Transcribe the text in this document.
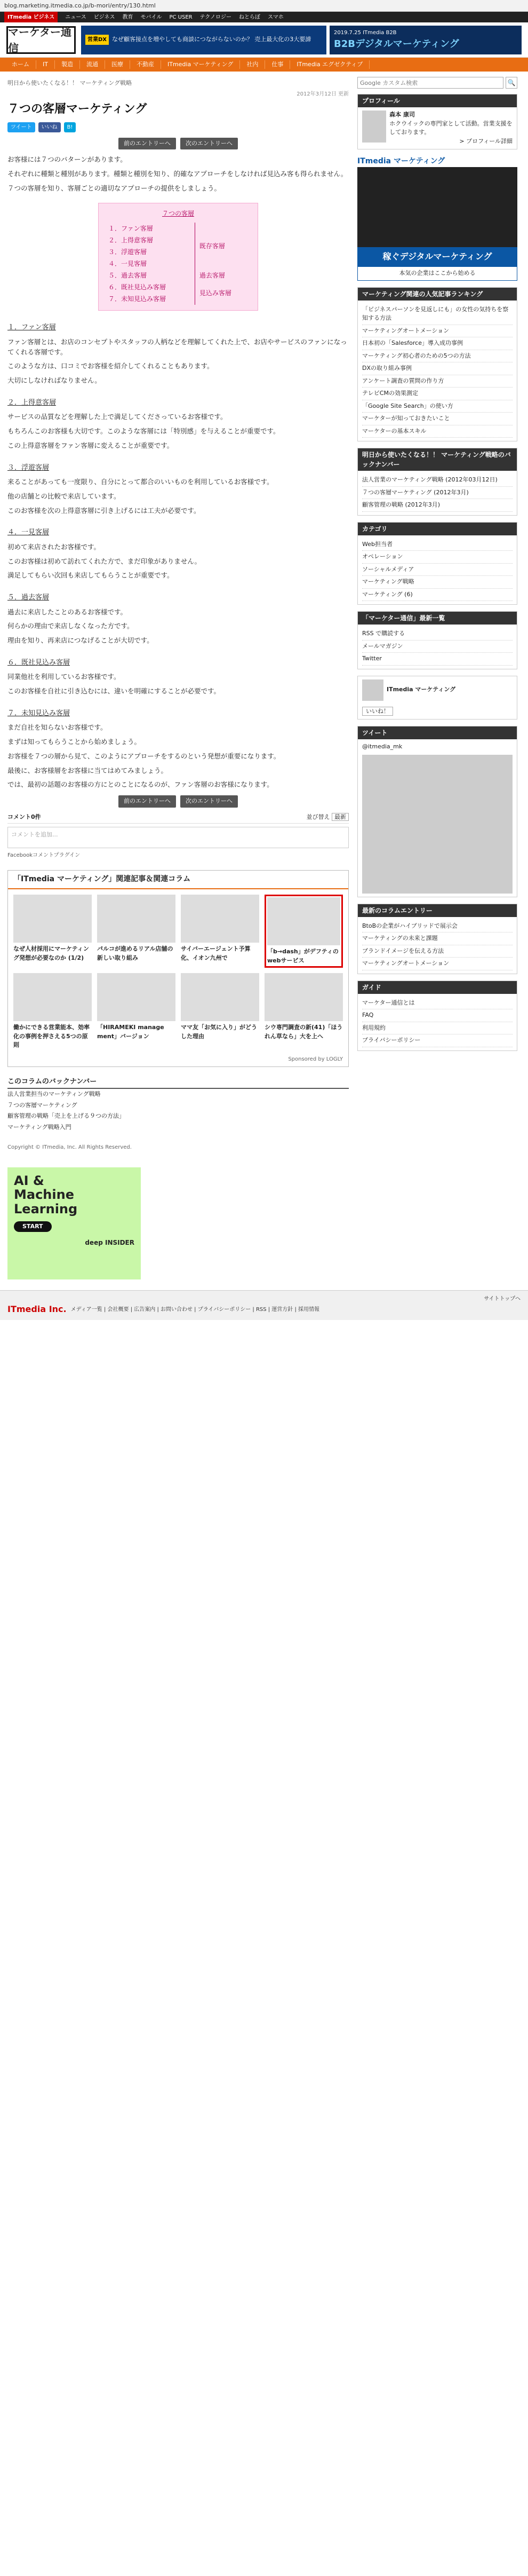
blog.marketing.itmedia.co.jp/b-mori/entry/130.html
ITmedia ビジネス	ニュース ビジネス 教育 モバイル PC USER テクノロジー ねとらぼ スマホ
マーケター通信
営業DX なぜ顧客接点を増やしても商談につながらないのか？ 売上最大化の3大要諦
2019.7.25 ITmedia B2B
B2Bデジタルマーケティング
ホーム	IT	製造	流通	医療	不動産	ITmedia マーケティング	社内	仕事	ITmedia エグゼクティブ
明日から使いたくなる！！ マーケティング戦略
2012年3月12日 更新
７つの客層マーケティング
ツイート	いいね	B!
前のエントリーへ	次のエントリーへ

お客様には７つのパターンがあります。

それぞれに種類と種別があります。種類と種別を知り、的確なアプローチをしなければ見込み客も得られません。

７つの客層を知り、客層ごとの適切なアプローチの提供をしましょう。

７つの客層
１．ファン客層	既存客層
２．上得意客層	
３．浮遊客層	
４．一見客層	
５．過去客層	過去客層
６．既社見込み客層	見込み客層
７．未知見込み客層	
１．ファン客層

ファン客層とは、お店のコンセプトやスタッフの人柄などを理解してくれた上で、お店やサービスのファンになってくれる客層です。

このような方は、口コミでお客様を紹介してくれることもあります。

大切にしなければなりません。

２．上得意客層

サービスの品質などを理解した上で満足してくださっているお客様です。

もちろんこのお客様も大切です。このような客層には「特別感」を与えることが重要です。

この上得意客層をファン客層に変えることが重要です。

３．浮遊客層

来ることがあっても一度限り、自分にとって都合のいいものを利用しているお客様です。

他の店舗との比較で来店しています。

このお客様を次の上得意客層に引き上げるには工夫が必要です。

４．一見客層

初めて来店されたお客様です。

このお客様は初めて訪れてくれた方で、まだ印象がありません。

満足してもらい次回も来店してもらうことが重要です。

５．過去客層

過去に来店したことのあるお客様です。

何らかの理由で来店しなくなった方です。

理由を知り、再来店につなげることが大切です。

６．既社見込み客層

同業他社を利用しているお客様です。

このお客様を自社に引き込むには、違いを明確にすることが必要です。

７．未知見込み客層

まだ自社を知らないお客様です。

まずは知ってもらうことから始めましょう。

お客様を７つの層から見て、このようにアプローチをするのという発想が重要になります。

最後に、お客様層をお客様に当てはめてみましょう。

では、最初の話題のお客様の方にとのことになるのが、ファン客層のお客様になります。

前のエントリーへ	次のエントリーへ
コメント0件	並び替え 最新
コメントを追加...
Facebookコメントプラグイン
「ITmedia マーケティング」関連記事＆関連コラム
なぜ人材採用にマーケティング発想が必要なのか (1/2)
パルコが進めるリアル店舗の新しい取り組み
サイバーエージェント予算化、イオン九州で
「b→dash」がデフティのwebサービス
働かにできる営業能本、効率化の事例を押さえる5つの原則
「HIRAMEKI manage ment」バージョン
ママ友「お気に入り」がどうした理由
シウ専門調査の新(41)「ほうれん草なら」大を上へ
Sponsored by LOGLY
このコラムのバックナンバー
法人営業担当のマーケティング戦略
７つの客層マーケティング
顧客管理の戦略「売上を上げる９つの方法」
マーケティング戦略入門
Copyright © ITmedia, Inc. All Rights Reserved.
AI &
Machine
Learning
START
deep INSIDER
Google カスタム検索
🔍
プロフィール
森本 康司
ホクウイックの専門家として活動。営業支援をしております。
> プロフィール詳細
ITmedia マーケティング
稼ぐデジタルマーケティング
本気の企業はここから始める
マーケティング関連の人気記事ランキング
「ビジネスパーソンを見返しにも」の女性の気持ちを察知する方法
マーケティングオートメーション
日本初の「Salesforce」導入成功事例
マーケティング初心者のための5つの方法
DXの取り組み事例
アンケート調査の質問の作り方
テレビCMの効果測定
「Google Site Search」の使い方
マーケターが知っておきたいこと
マーケターの基本スキル
明日から使いたくなる！！ マーケティング戦略のバックナンバー
法人営業のマーケティング戦略 (2012年03月12日)
７つの客層マーケティング (2012年3月)
顧客管理の戦略 (2012年3月)
カテゴリ
Web担当者
オペレーション
ソーシャルメディア
マーケティング戦略
マーケティング (6)
「マーケター通信」最新一覧
RSS で購読する
メールマガジン
Twitter
ITmedia マーケティング
いいね！
ツイート
@itmedia_mk
最新のコラムエントリー
BtoBの企業がハイブリッドで展示会
マーケティングの未来と課題
ブランドイメージを伝える方法
マーケティングオートメーション
ガイド
マーケター通信とは
FAQ
利用規約
プライバシーポリシー
サイトトップへ
ITmedia Inc. メディア一覧 | 会社概要 | 広告案内 | お問い合わせ | プライバシーポリシー | RSS | 運営方針 | 採用情報
